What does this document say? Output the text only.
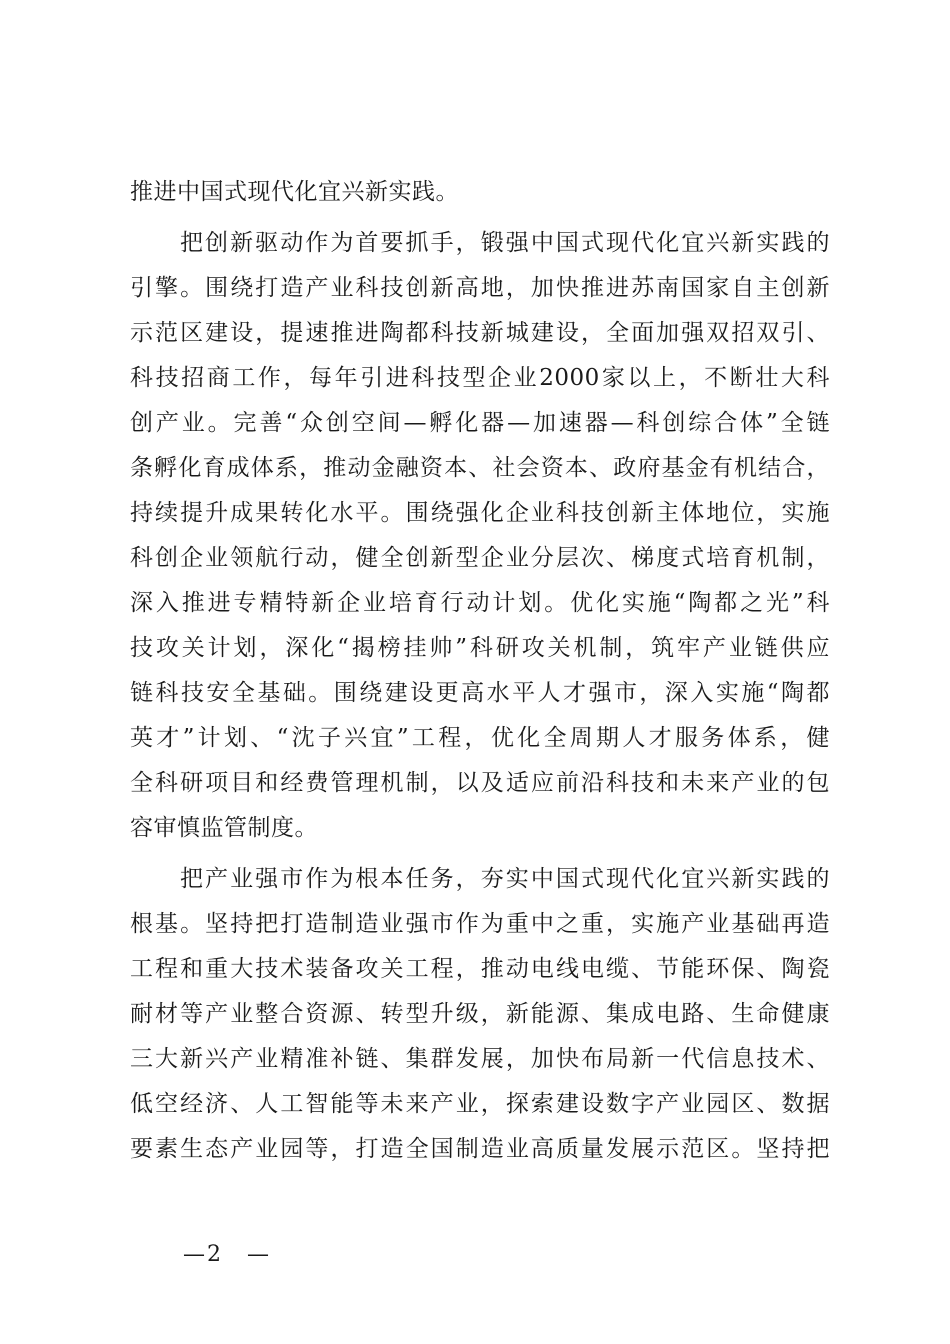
推进中国式现代化宜兴新实践。
把创新驱动作为首要抓手，锻强中国式现代化宜兴新实践的
引擎。围绕打造产业科技创新高地，加快推进苏南国家自主创新
示范区建设，提速推进陶都科技新城建设，全面加强双招双引、
科技招商工作，每年引进科技型企业2000家以上，不断壮大科
创产业。完善“众创空间—孵化器—加速器—科创综合体”全链
条孵化育成体系，推动金融资本、社会资本、政府基金有机结合，
持续提升成果转化水平。围绕强化企业科技创新主体地位，实施
科创企业领航行动，健全创新型企业分层次、梯度式培育机制，
深入推进专精特新企业培育行动计划。优化实施“陶都之光”科
技攻关计划，深化“揭榜挂帅”科研攻关机制，筑牢产业链供应
链科技安全基础。围绕建设更高水平人才强市，深入实施“陶都
英才”计划、“沈子兴宜”工程，优化全周期人才服务体系，健
全科研项目和经费管理机制，以及适应前沿科技和未来产业的包
容审慎监管制度。
把产业强市作为根本任务，夯实中国式现代化宜兴新实践的
根基。坚持把打造制造业强市作为重中之重，实施产业基础再造
工程和重大技术装备攻关工程，推动电线电缆、节能环保、陶瓷
耐材等产业整合资源、转型升级，新能源、集成电路、生命健康
三大新兴产业精准补链、集群发展，加快布局新一代信息技术、
低空经济、人工智能等未来产业，探索建设数字产业园区、数据
要素生态产业园等，打造全国制造业高质量发展示范区。坚持把
—2　—
